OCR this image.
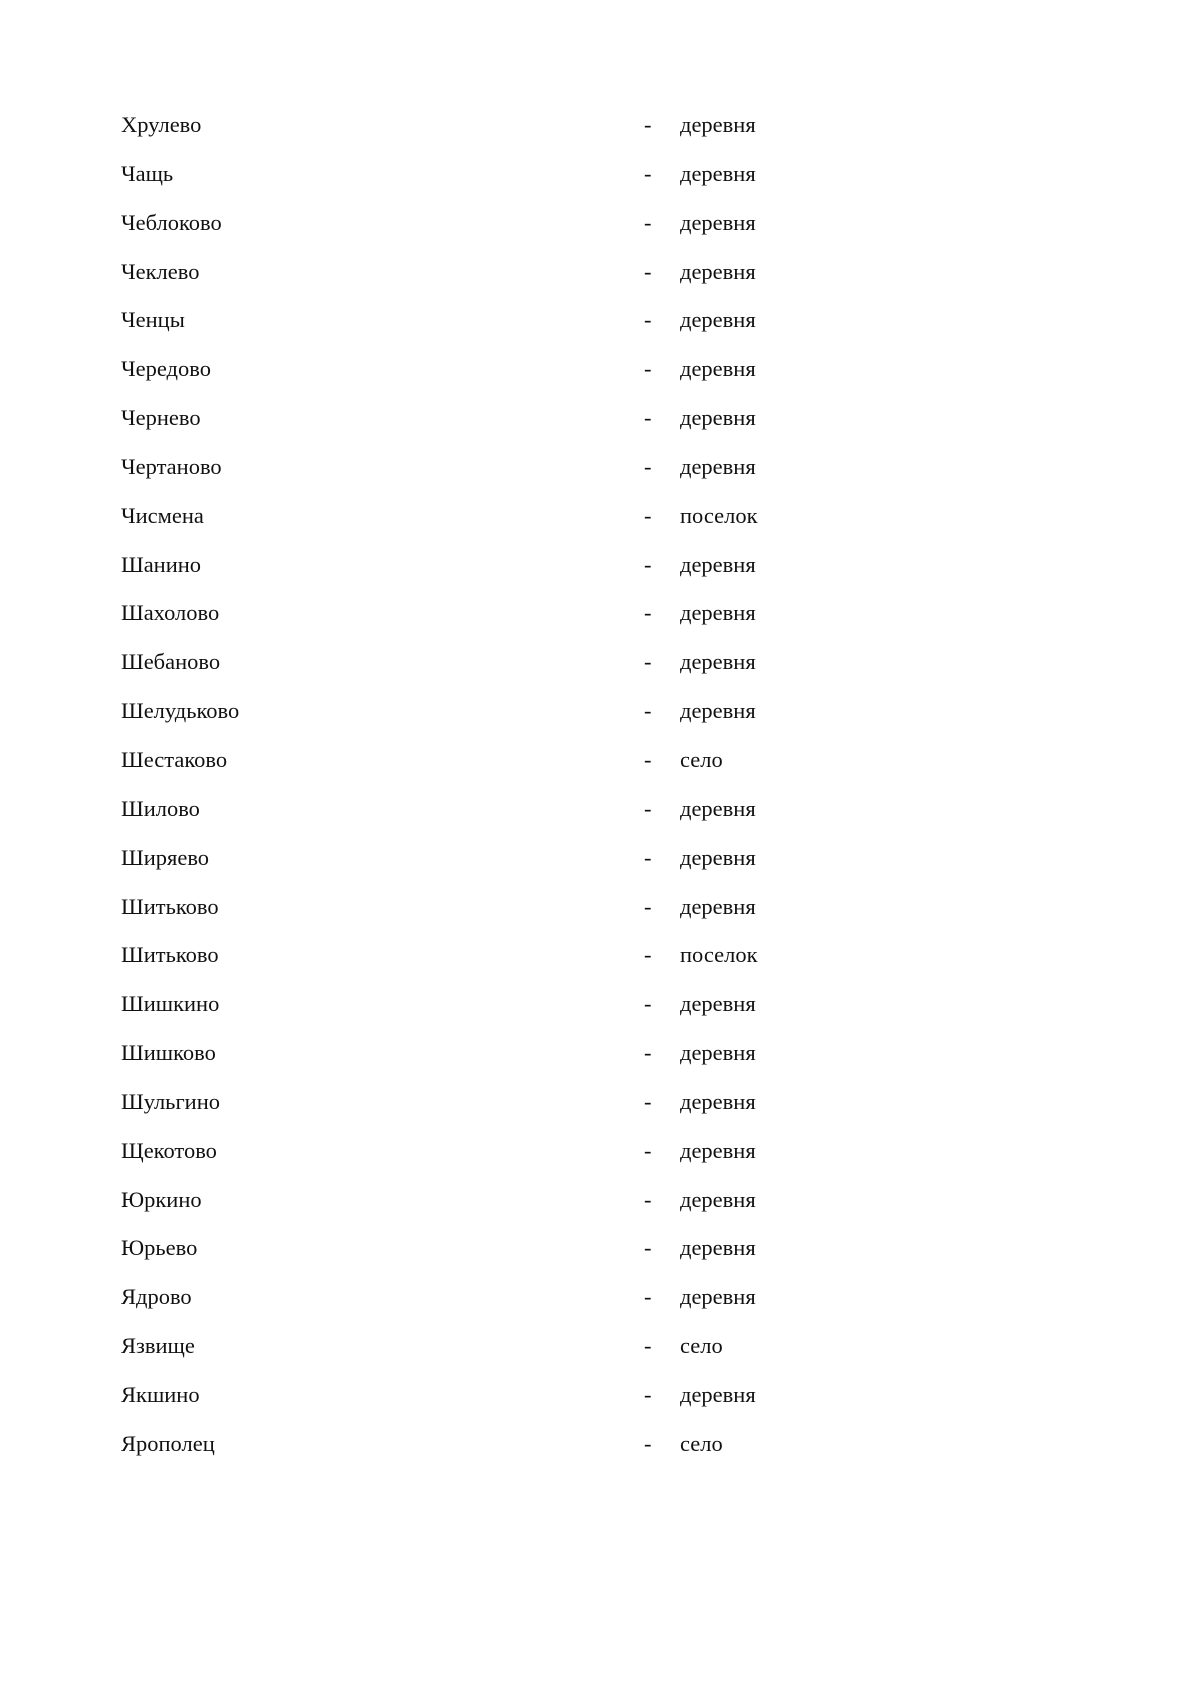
Хрулево	- деревня
Чащь	- деревня
Чеблоково	- деревня
Чеклево	- деревня
Ченцы	- деревня
Чередово	- деревня
Чернево	- деревня
Чертаново	- деревня
Чисмена	- поселок
Шанино	- деревня
Шахолово	- деревня
Шебаново	- деревня
Шелудьково	- деревня
Шестаково	- село
Шилово	- деревня
Ширяево	- деревня
Шитьково	- деревня
Шитьково	- поселок
Шишкино	- деревня
Шишково	- деревня
Шульгино	- деревня
Щекотово	- деревня
Юркино	- деревня
Юрьево	- деревня
Ядрово	- деревня
Язвище	- село
Якшино	- деревня
Ярополец	- село
